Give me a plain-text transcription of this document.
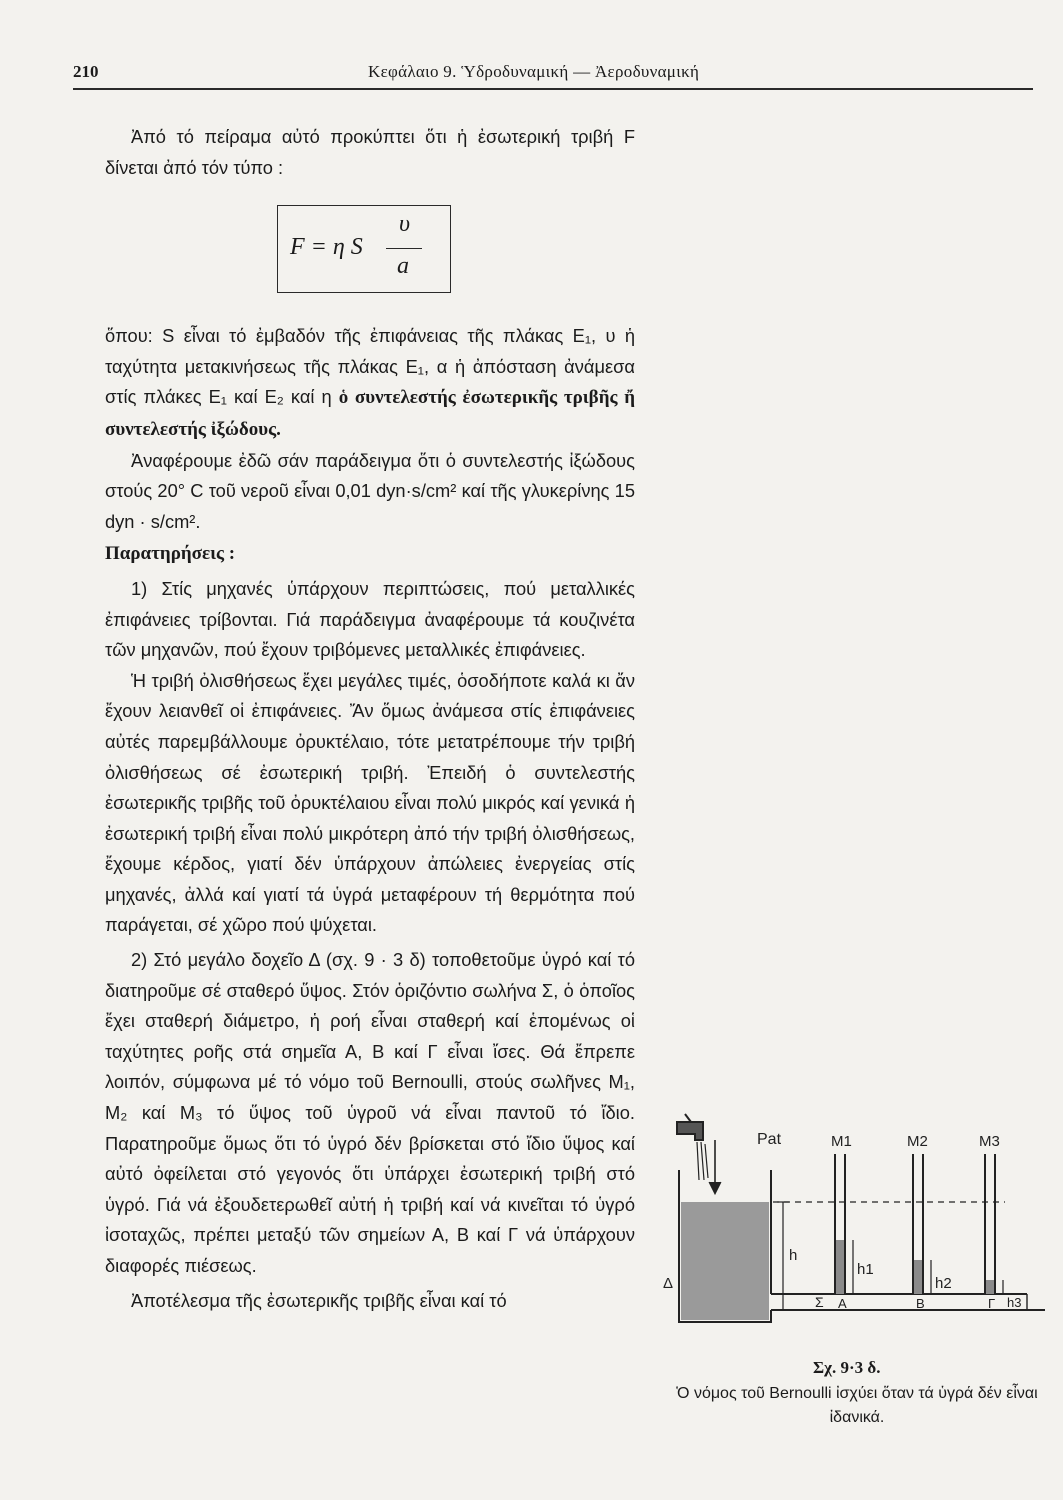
210	Κεφάλαιο 9. Ὑδροδυναμική — Ἀεροδυναμική

Ἀπό τό πείραμα αὐτό προκύπτει ὅτι ἡ ἐσωτερική τριβή F δίνεται ἀπό τόν τύπο :

F = η S
υ
a

ὅπου: S εἶναι τό ἐμβαδόν τῆς ἐπιφάνειας τῆς πλάκας E₁, υ ἡ ταχύτητα μετακινήσεως τῆς πλάκας E₁, α ἡ ἀπόσταση ἀνάμεσα στίς πλάκες E₁ καί E₂ καί η ὁ συντελεστής ἐσωτερικῆς τριβῆς ἤ συντελεστής ἰξώδους.

Ἀναφέρουμε ἐδῶ σάν παράδειγμα ὅτι ὁ συντελεστής ἰξώδους στούς 20° C τοῦ νεροῦ εἶναι 0,01 dyn·s/cm² καί τῆς γλυκερίνης 15 dyn · s/cm².

Παρατηρήσεις :

1) Στίς μηχανές ὑπάρχουν περιπτώσεις, πού μεταλλικές ἐπιφάνειες τρίβονται. Γιά παράδειγμα ἀναφέρουμε τά κουζινέτα τῶν μηχανῶν, πού ἔχουν τριβόμενες μεταλλικές ἐπιφάνειες.

Ἡ τριβή ὀλισθήσεως ἔχει μεγάλες τιμές, ὁσοδήποτε καλά κι ἄν ἔχουν λειανθεῖ οἱ ἐπιφάνειες. Ἄν ὅμως ἀνάμεσα στίς ἐπιφάνειες αὐτές παρεμβάλλουμε ὀρυκτέλαιο, τότε μετατρέπουμε τήν τριβή ὀλισθήσεως σέ ἐσωτερική τριβή. Ἐπειδή ὁ συντελεστής ἐσωτερικῆς τριβῆς τοῦ ὀρυκτέλαιου εἶναι πολύ μικρός καί γενικά ἡ ἐσωτερική τριβή εἶναι πολύ μικρότερη ἀπό τήν τριβή ὀλισθήσεως, ἔχουμε κέρδος, γιατί δέν ὑπάρχουν ἀπώλειες ἐνεργείας στίς μηχανές, ἀλλά καί γιατί τά ὑγρά μεταφέρουν τή θερμότητα πού παράγεται, σέ χῶρο πού ψύχεται.

2) Στό μεγάλο δοχεῖο Δ (σχ. 9 · 3 δ) τοποθετοῦμε ὑγρό καί τό διατηροῦμε σέ σταθερό ὕψος. Στόν ὁριζόντιο σωλήνα Σ, ὁ ὁποῖος ἔχει σταθερή διάμετρο, ἡ ροή εἶναι σταθερή καί ἑπομένως οἱ ταχύτητες ροῆς στά σημεῖα Α, Β καί Γ εἶναι ἴσες. Θά ἔπρεπε λοιπόν, σύμφωνα μέ τό νόμο τοῦ Bernoulli, στούς σωλῆνες M₁, M₂ καί M₃ τό ὕψος τοῦ ὑγροῦ νά εἶναι παντοῦ τό ἴδιο. Παρατηροῦμε ὅμως ὅτι τό ὑγρό δέν βρίσκεται στό ἴδιο ὕψος καί αὐτό ὀφείλεται στό γεγονός ὅτι ὑπάρχει ἐσωτερική τριβή στό ὑγρό. Γιά νά ἐξουδετερωθεῖ αὐτή ἡ τριβή καί νά κινεῖται τό ὑγρό ἰσοταχῶς, πρέπει μεταξύ τῶν σημείων Α, Β καί Γ νά ὑπάρχουν διαφορές πιέσεως.

Ἀποτέλεσμα τῆς ἐσωτερικῆς τριβῆς εἶναι καί τό

Pat	M1	M2	M3
h
h1
h2
h3
Δ
Σ A	B	Γ
Σχ. 9·3 δ.
Ὁ νόμος τοῦ Bernoulli ἰσχύει ὅταν τά ὑγρά δέν εἶναι ἰδανικά.
